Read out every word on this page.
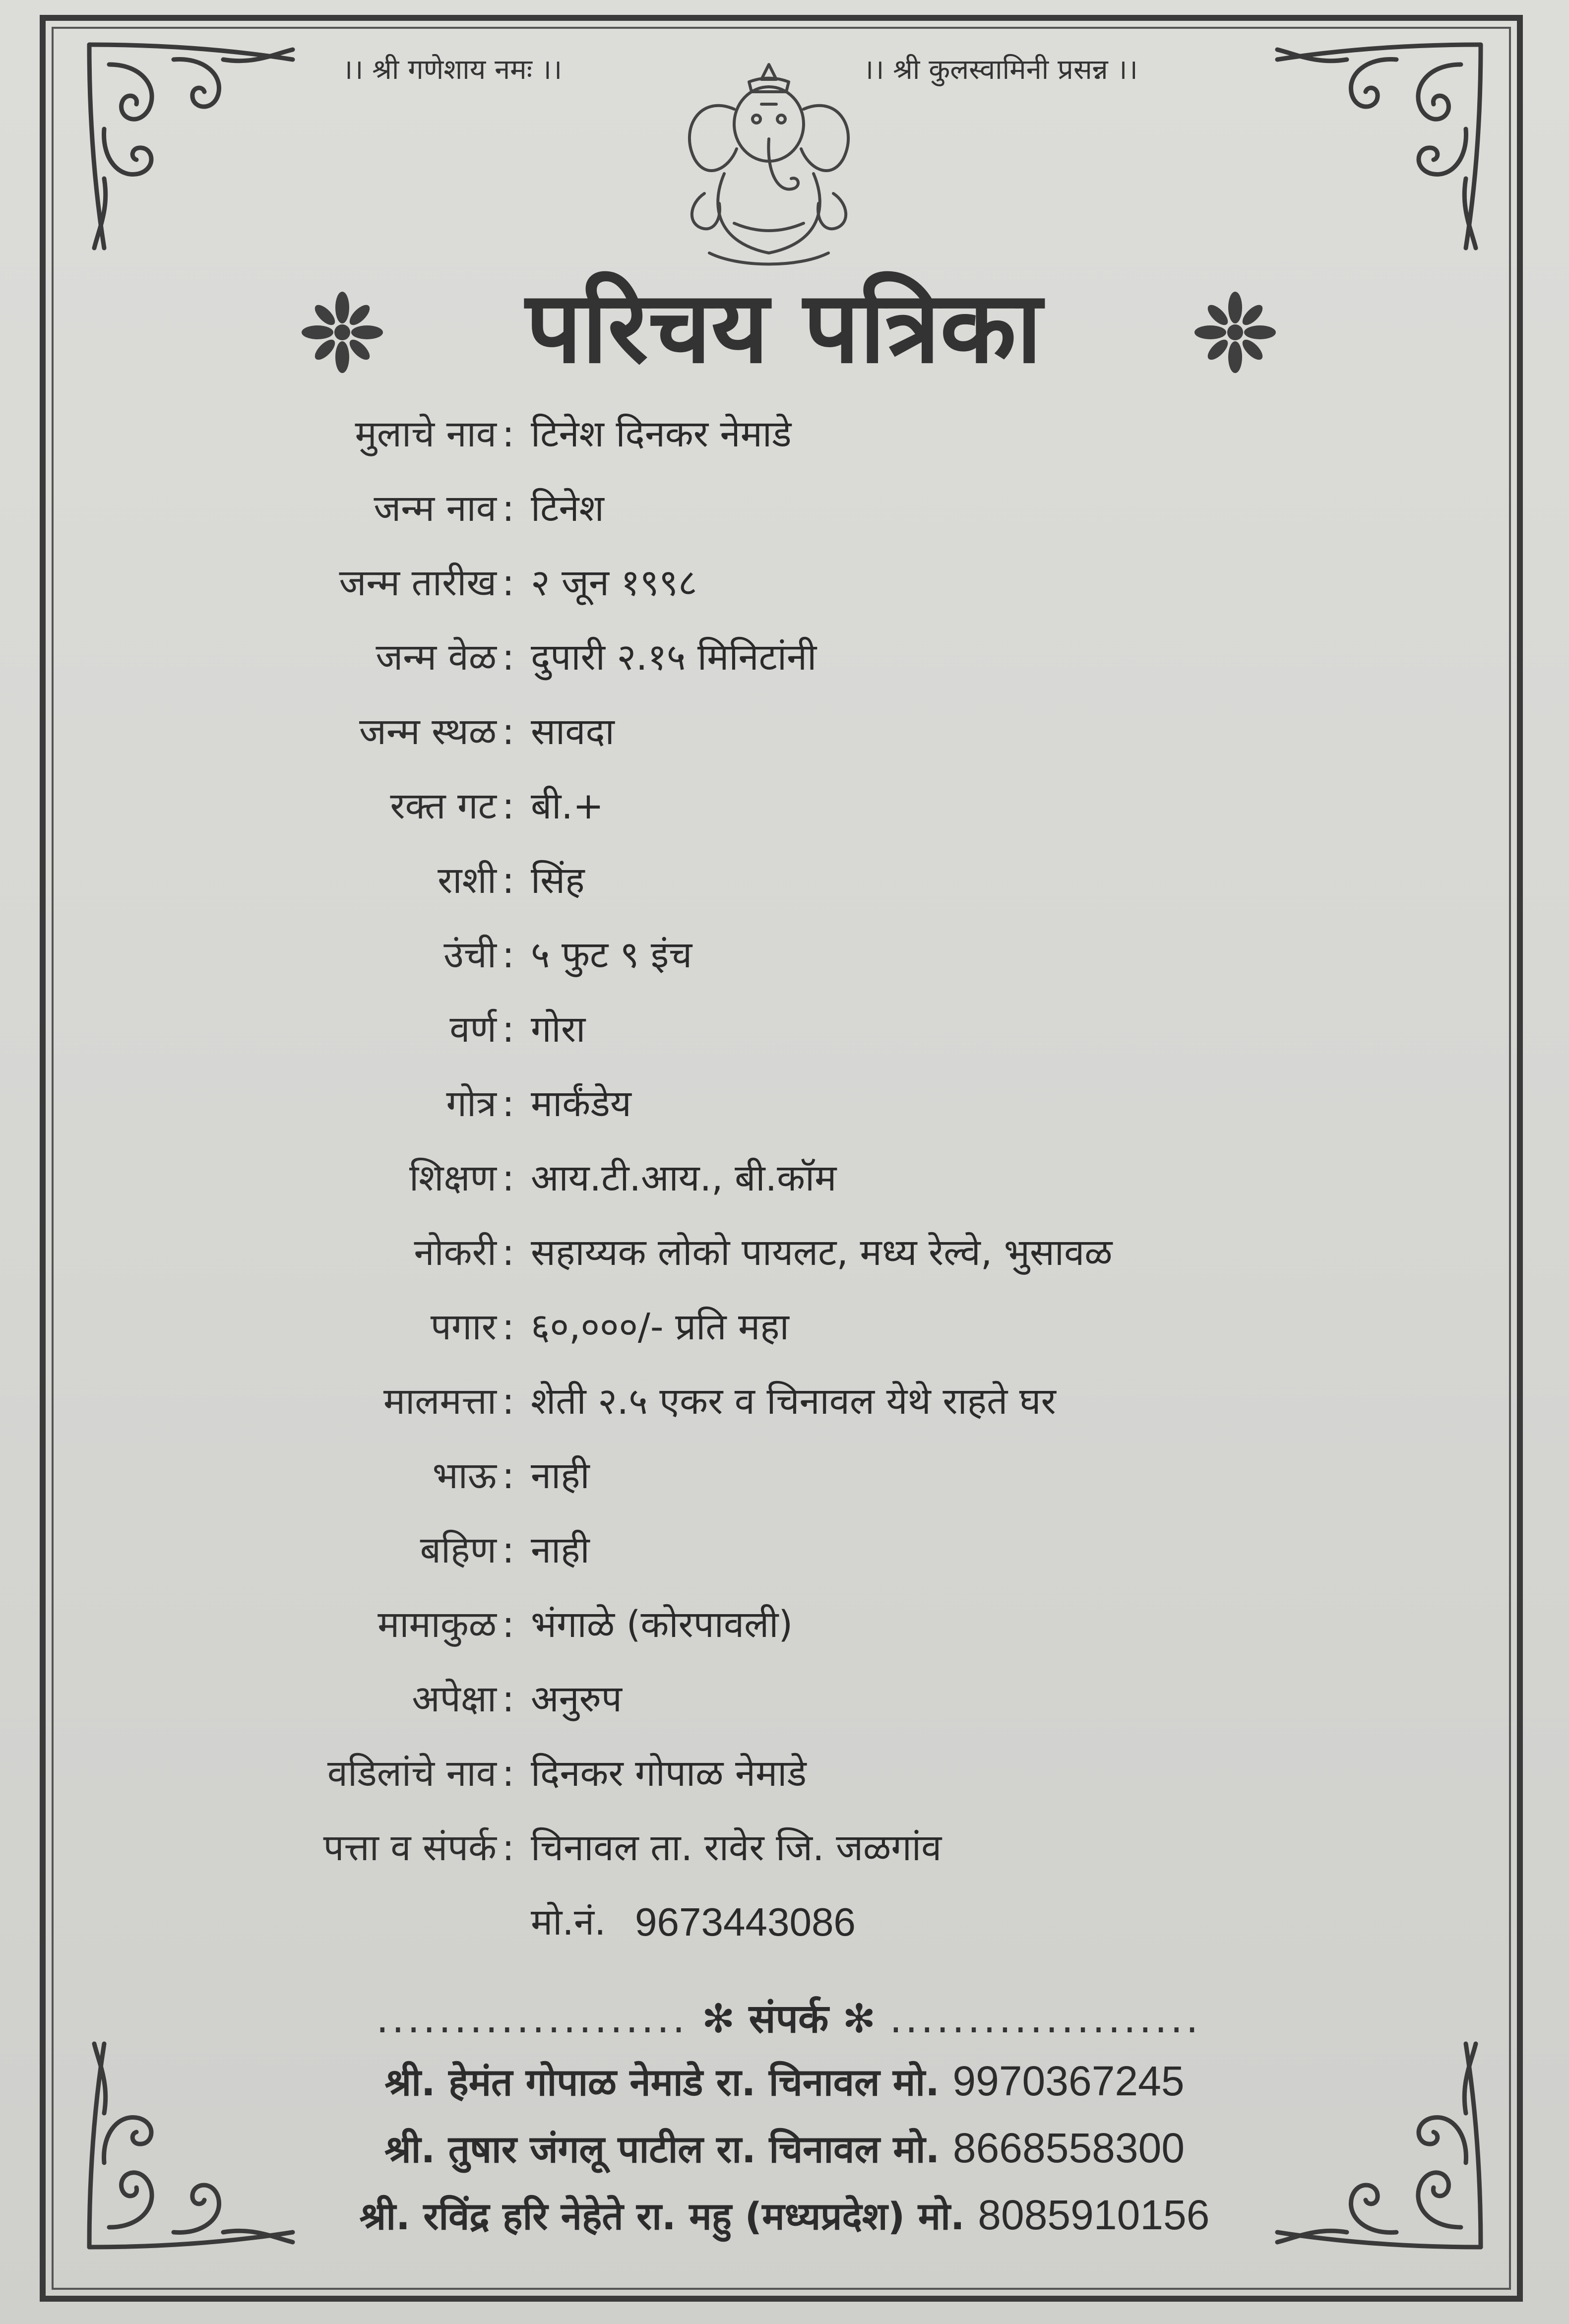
।। श्री गणेशाय नमः ।।	।। श्री कुलस्वामिनी प्रसन्न ।।
परिचय पत्रिका
मुलाचे नाव : टिनेश दिनकर नेमाडे
जन्म नाव : टिनेश
जन्म तारीख : २ जून १९९८
जन्म वेळ : दुपारी २.१५ मिनिटांनी
जन्म स्थळ : सावदा
रक्त गट : बी.+
राशी : सिंह
उंची : ५ फुट ९ इंच
वर्ण : गोरा
गोत्र : मार्कंडेय
शिक्षण : आय.टी.आय., बी.कॉम
नोकरी : सहाय्यक लोको पायलट, मध्य रेल्वे, भुसावळ
पगार : ६०,०००/- प्रति महा
मालमत्ता : शेती २.५ एकर व चिनावल येथे राहते घर
भाऊ : नाही
बहिण : नाही
मामाकुळ : भंगाळे (कोरपावली)
अपेक्षा : अनुरुप
वडिलांचे नाव : दिनकर गोपाळ नेमाडे
पत्ता व संपर्क : चिनावल ता. रावेर जि. जळगांव
मो.नं. 9673443086
.................... ✻ संपर्क ✻ ....................
श्री. हेमंत गोपाळ नेमाडे रा. चिनावल मो. 9970367245
श्री. तुषार जंगलू पाटील रा. चिनावल मो. 8668558300
श्री. रविंद्र हरि नेहेते रा. महु (मध्यप्रदेश) मो. 8085910156
